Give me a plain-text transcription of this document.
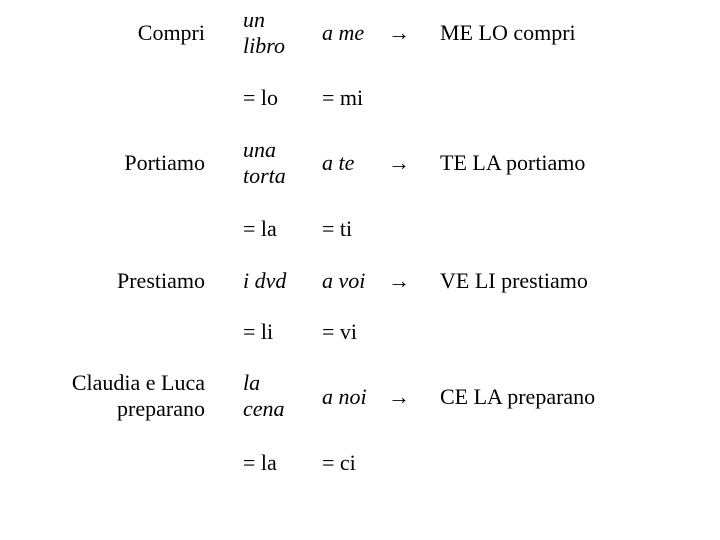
Compri
un libro
a me → ME LO compri
= lo = mi
Portiamo
una torta
a te → TE LA portiamo
= la = ti
Prestiamo i dvd	a voi → VE LI prestiamo
= li = vi
Claudia e Luca
preparano
la cena	a noi → CE LA preparano
= la = ci
